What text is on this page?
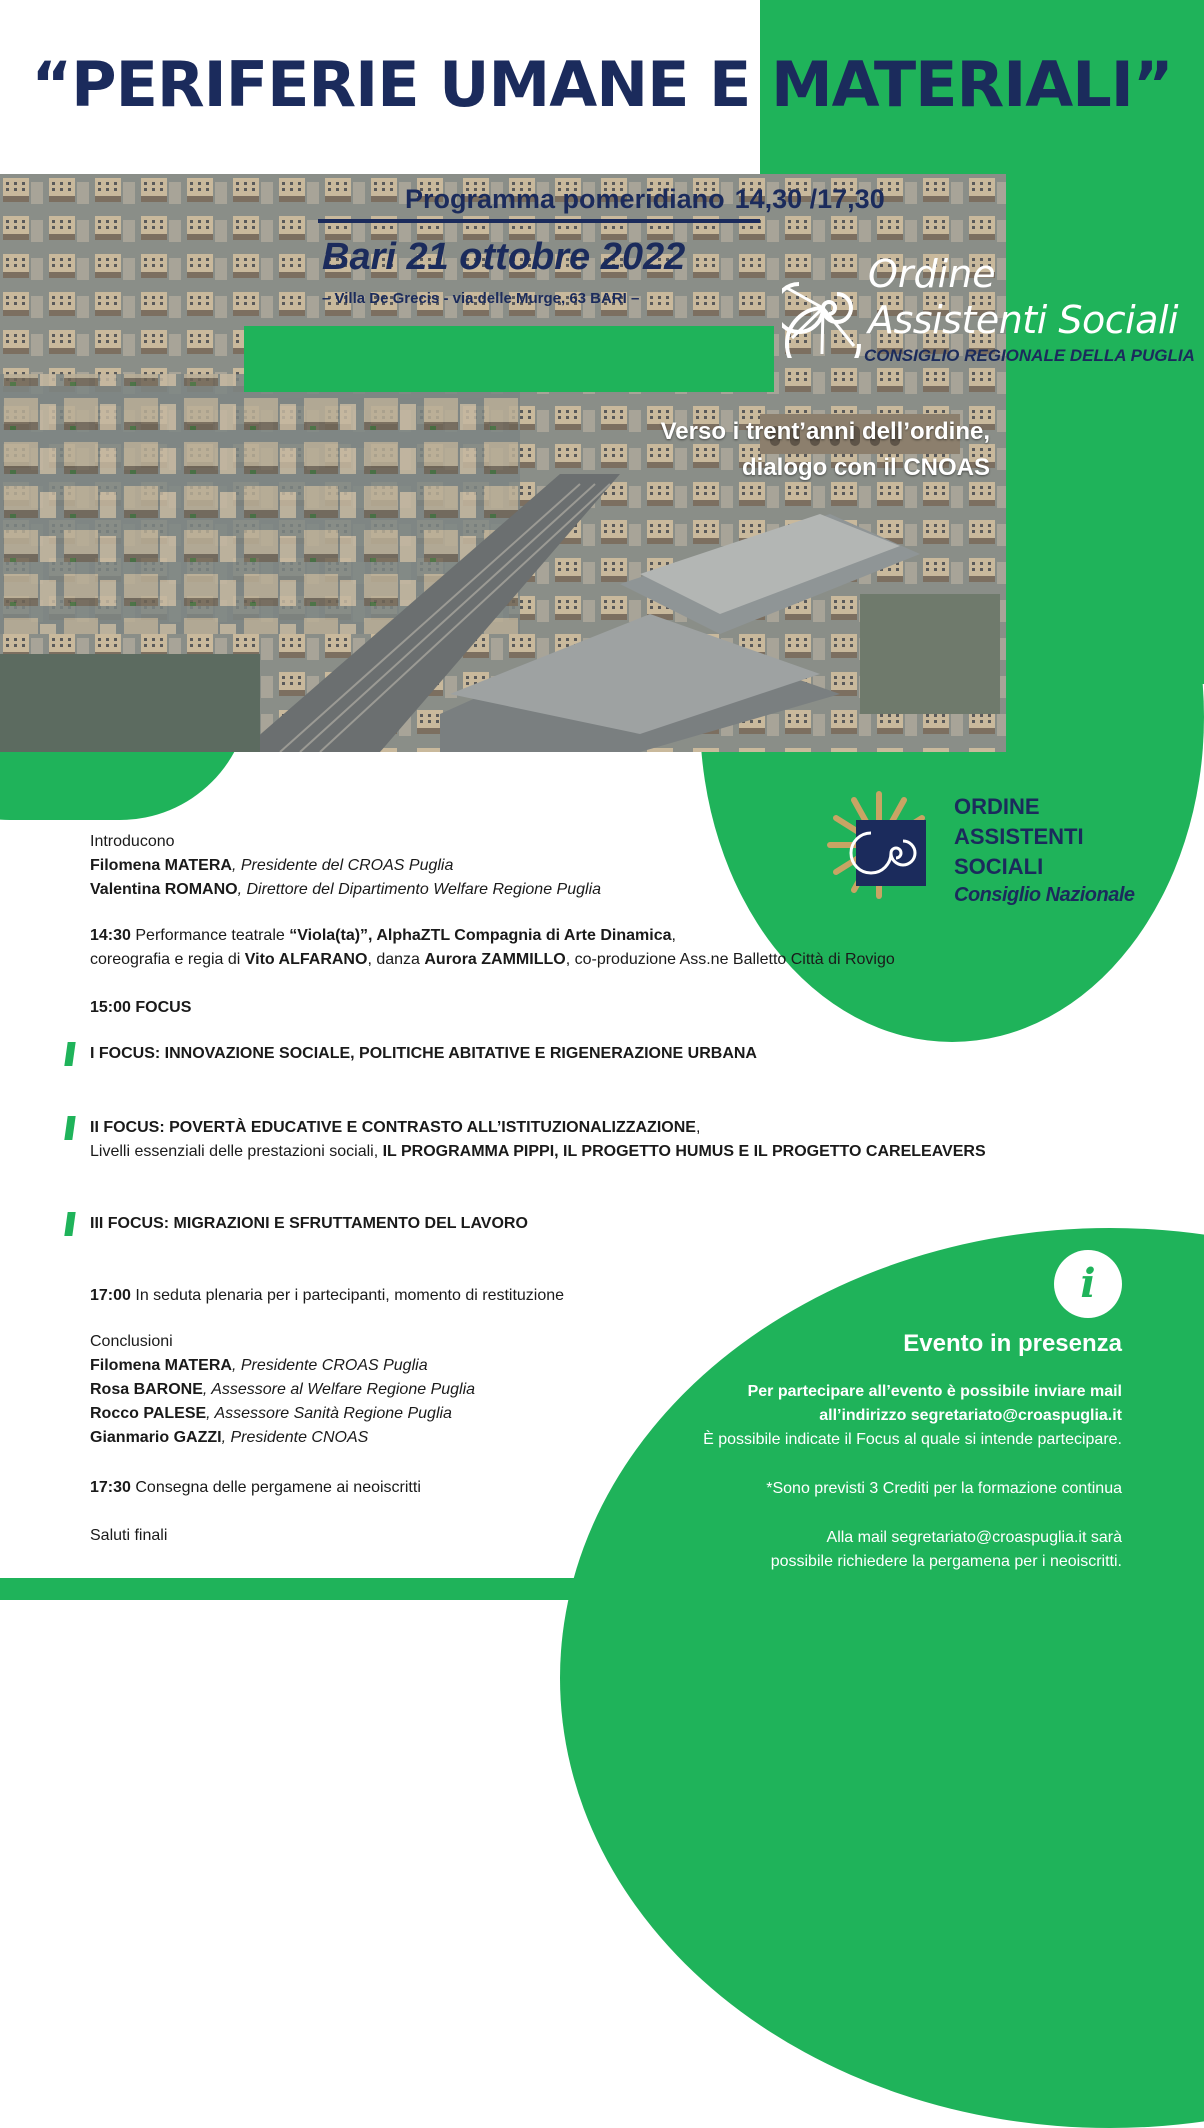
“PERIFERIE UMANE E MATERIALI”
Programma pomeridiano 14,30 /17,30
Bari 21 ottobre 2022
– Villa De Grecis - via delle Murge, 63 BARI –
Ordine
Assistenti Sociali
CONSIGLIO REGIONALE DELLA PUGLIA
Verso i trent’anni dell’ordine,
dialogo con il CNOAS
ORDINE
ASSISTENTI
SOCIALI
Consiglio Nazionale
i
Evento in presenza
Per partecipare all’evento è possibile inviare mail
all’indirizzo segretariato@croaspuglia.it
È possibile indicate il Focus al quale si intende partecipare.
*Sono previsti 3 Crediti per la formazione continua
Alla mail segretariato@croaspuglia.it sarà
possibile richiedere la pergamena per i neoiscritti.
Introducono
Filomena MATERA, Presidente del CROAS Puglia
Valentina ROMANO, Direttore del Dipartimento Welfare Regione Puglia
14:30 Performance teatrale “Viola(ta)”, AlphaZTL Compagnia di Arte Dinamica,
coreografia e regia di Vito ALFARANO, danza Aurora ZAMMILLO, co-produzione Ass.ne Balletto Città di Rovigo
15:00 FOCUS
I FOCUS: INNOVAZIONE SOCIALE, POLITICHE ABITATIVE E RIGENERAZIONE URBANA
II FOCUS: POVERTÀ EDUCATIVE E CONTRASTO ALL’ISTITUZIONALIZZAZIONE,
Livelli essenziali delle prestazioni sociali, IL PROGRAMMA PIPPI, IL PROGETTO HUMUS E IL PROGETTO CARELEAVERS
III FOCUS: MIGRAZIONI E SFRUTTAMENTO DEL LAVORO
17:00 In seduta plenaria per i partecipanti, momento di restituzione
Conclusioni
Filomena MATERA, Presidente CROAS Puglia
Rosa BARONE, Assessore al Welfare Regione Puglia
Rocco PALESE, Assessore Sanità Regione Puglia
Gianmario GAZZI, Presidente CNOAS
17:30 Consegna delle pergamene ai neoiscritti
Saluti finali
